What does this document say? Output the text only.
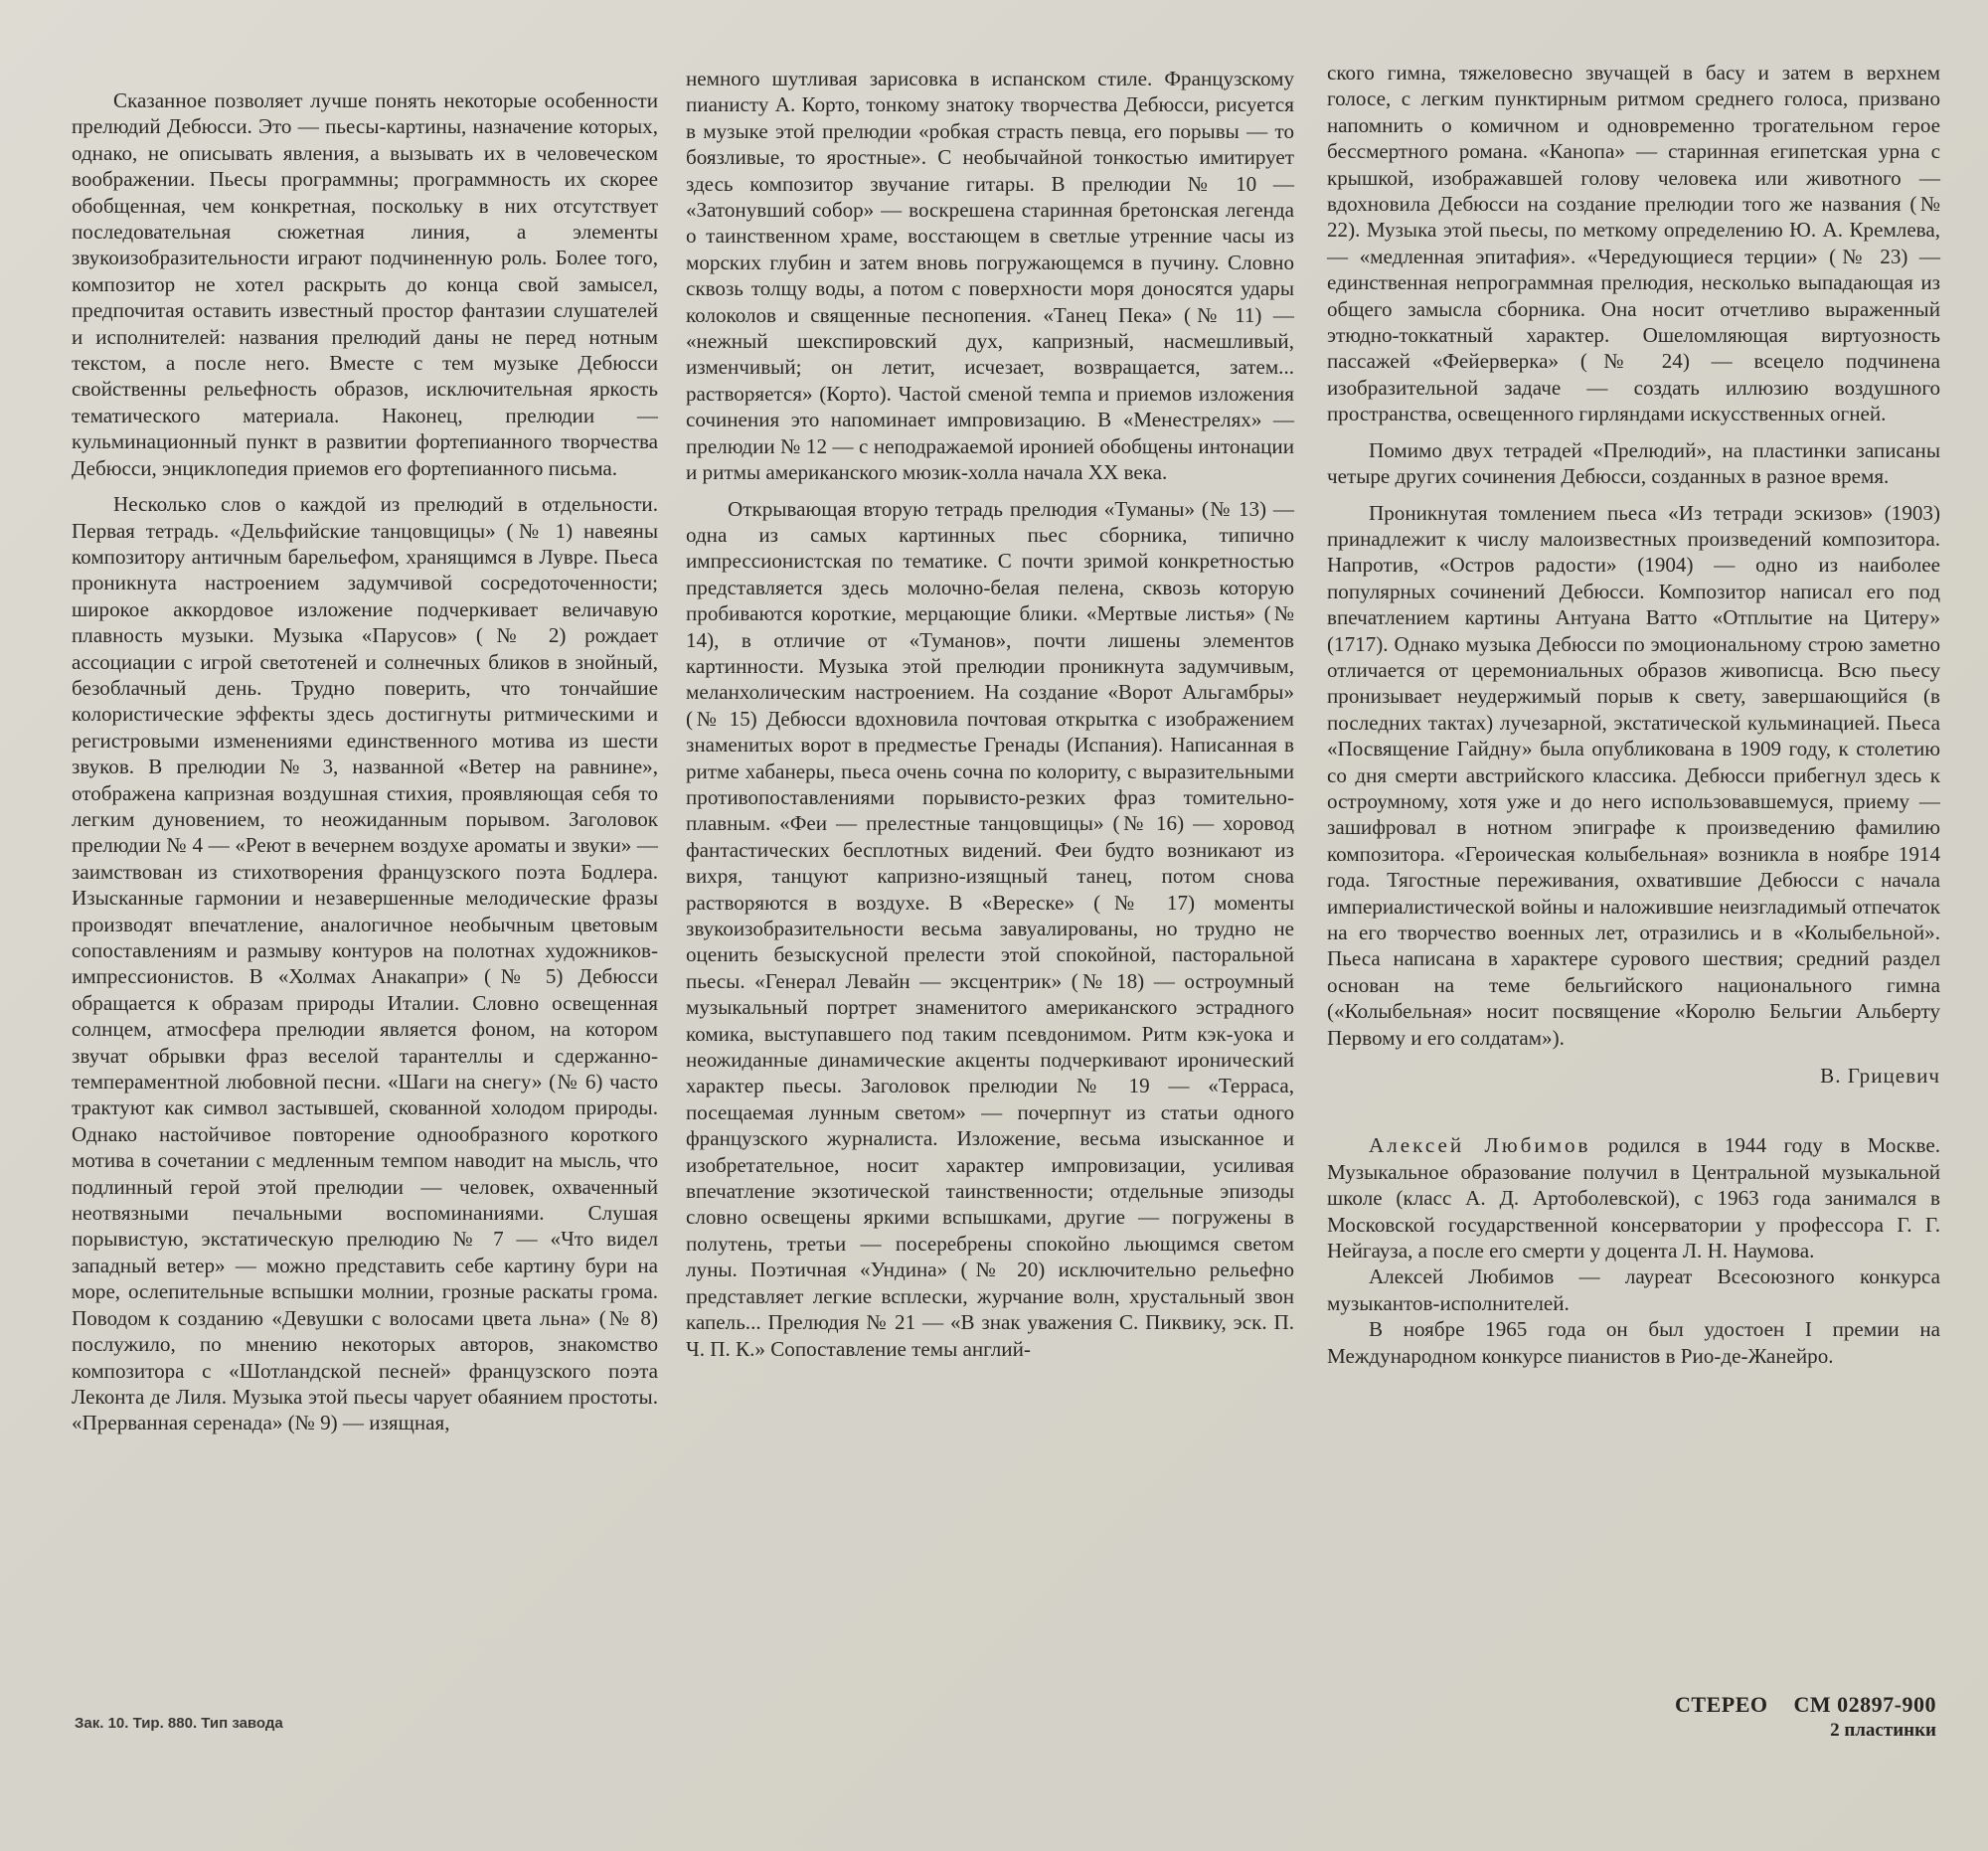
Сказанное позволяет лучше понять некоторые особенности прелюдий Дебюсси. Это — пьесы-картины, назначение которых, однако, не описывать явления, а вызывать их в человеческом воображении. Пьесы программны; программность их скорее обобщенная, чем конкретная, поскольку в них отсутствует последовательная сюжетная линия, а элементы звукоизобразительности играют подчиненную роль. Более того, композитор не хотел раскрыть до конца свой замысел, предпочитая оставить известный простор фантазии слушателей и исполнителей: названия прелюдий даны не перед нотным текстом, а после него. Вместе с тем музыке Дебюсси свойственны рельефность образов, исключительная яркость тематического материала. Наконец, прелюдии — кульминационный пункт в развитии фортепианного творчества Дебюсси, энциклопедия приемов его фортепианного письма.

Несколько слов о каждой из прелюдий в отдельности. Первая тетрадь. «Дельфийские танцовщицы» (№ 1) навеяны композитору античным барельефом, хранящимся в Лувре. Пьеса проникнута настроением задумчивой сосредоточенности; широкое аккордовое изложение подчеркивает величавую плавность музыки. Музыка «Парусов» (№ 2) рождает ассоциации с игрой светотеней и солнечных бликов в знойный, безоблачный день. Трудно поверить, что тончайшие колористические эффекты здесь достигнуты ритмическими и регистровыми изменениями единственного мотива из шести звуков. В прелюдии № 3, названной «Ветер на равнине», отображена капризная воздушная стихия, проявляющая себя то легким дуновением, то неожиданным порывом. Заголовок прелюдии № 4 — «Реют в вечернем воздухе ароматы и звуки» — заимствован из стихотворения французского поэта Бодлера. Изысканные гармонии и незавершенные мелодические фразы производят впечатление, аналогичное необычным цветовым сопоставлениям и размыву контуров на полотнах художников-импрессионистов. В «Холмах Анакапри» (№ 5) Дебюсси обращается к образам природы Италии. Словно освещенная солнцем, атмосфера прелюдии является фоном, на котором звучат обрывки фраз веселой тарантеллы и сдержанно-темпераментной любовной песни. «Шаги на снегу» (№ 6) часто трактуют как символ застывшей, скованной холодом природы. Однако настойчивое повторение однообразного короткого мотива в сочетании с медленным темпом наводит на мысль, что подлинный герой этой прелюдии — человек, охваченный неотвязными печальными воспоминаниями. Слушая порывистую, экстатическую прелюдию № 7 — «Что видел западный ветер» — можно представить себе картину бури на море, ослепительные вспышки молнии, грозные раскаты грома. Поводом к созданию «Девушки с волосами цвета льна» (№ 8) послужило, по мнению некоторых авторов, знакомство композитора с «Шотландской песней» французского поэта Леконта де Лиля. Музыка этой пьесы чарует обаянием простоты. «Прерванная серенада» (№ 9) — изящная,

немного шутливая зарисовка в испанском стиле. Французскому пианисту А. Корто, тонкому знатоку творчества Дебюсси, рисуется в музыке этой прелюдии «робкая страсть певца, его порывы — то боязливые, то яростные». С необычайной тонкостью имитирует здесь композитор звучание гитары. В прелюдии № 10 — «Затонувший собор» — воскрешена старинная бретонская легенда о таинственном храме, восстающем в светлые утренние часы из морских глубин и затем вновь погружающемся в пучину. Словно сквозь толщу воды, а потом с поверхности моря доносятся удары колоколов и священные песнопения. «Танец Пека» (№ 11) — «нежный шекспировский дух, капризный, насмешливый, изменчивый; он летит, исчезает, возвращается, затем... растворяется» (Корто). Частой сменой темпа и приемов изложения сочинения это напоминает импровизацию. В «Менестрелях» — прелюдии № 12 — с неподражаемой иронией обобщены интонации и ритмы американского мюзик-холла начала XX века.

Открывающая вторую тетрадь прелюдия «Туманы» (№ 13) — одна из самых картинных пьес сборника, типично импрессионистская по тематике. С почти зримой конкретностью представляется здесь молочно-белая пелена, сквозь которую пробиваются короткие, мерцающие блики. «Мертвые листья» (№ 14), в отличие от «Туманов», почти лишены элементов картинности. Музыка этой прелюдии проникнута задумчивым, меланхолическим настроением. На создание «Ворот Альгамбры» (№ 15) Дебюсси вдохновила почтовая открытка с изображением знаменитых ворот в предместье Гренады (Испания). Написанная в ритме хабанеры, пьеса очень сочна по колориту, с выразительными противопоставлениями порывисто-резких фраз томительно-плавным. «Феи — прелестные танцовщицы» (№ 16) — хоровод фантастических бесплотных видений. Феи будто возникают из вихря, танцуют капризно-изящный танец, потом снова растворяются в воздухе. В «Вереске» (№ 17) моменты звукоизобразительности весьма завуалированы, но трудно не оценить безыскусной прелести этой спокойной, пасторальной пьесы. «Генерал Левайн — эксцентрик» (№ 18) — остроумный музыкальный портрет знаменитого американского эстрадного комика, выступавшего под таким псевдонимом. Ритм кэк-уока и неожиданные динамические акценты подчеркивают иронический характер пьесы. Заголовок прелюдии № 19 — «Терраса, посещаемая лунным светом» — почерпнут из статьи одного французского журналиста. Изложение, весьма изысканное и изобретательное, носит характер импровизации, усиливая впечатление экзотической таинственности; отдельные эпизоды словно освещены яркими вспышками, другие — погружены в полутень, третьи — посеребрены спокойно льющимся светом луны. Поэтичная «Ундина» (№ 20) исключительно рельефно представляет легкие всплески, журчание волн, хрустальный звон капель... Прелюдия № 21 — «В знак уважения С. Пиквику, эск. П. Ч. П. К.» Сопоставление темы англий-

ского гимна, тяжеловесно звучащей в басу и затем в верхнем голосе, с легким пунктирным ритмом среднего голоса, призвано напомнить о комичном и одновременно трогательном герое бессмертного романа. «Канопа» — старинная египетская урна с крышкой, изображавшей голову человека или животного — вдохновила Дебюсси на создание прелюдии того же названия (№ 22). Музыка этой пьесы, по меткому определению Ю. А. Кремлева, — «медленная эпитафия». «Чередующиеся терции» (№ 23) — единственная непрограммная прелюдия, несколько выпадающая из общего замысла сборника. Она носит отчетливо выраженный этюдно-токкатный характер. Ошеломляющая виртуозность пассажей «Фейерверка» (№ 24) — всецело подчинена изобразительной задаче — создать иллюзию воздушного пространства, освещенного гирляндами искусственных огней.

Помимо двух тетрадей «Прелюдий», на пластинки записаны четыре других сочинения Дебюсси, созданных в разное время.

Проникнутая томлением пьеса «Из тетради эскизов» (1903) принадлежит к числу малоизвестных произведений композитора. Напротив, «Остров радости» (1904) — одно из наиболее популярных сочинений Дебюсси. Композитор написал его под впечатлением картины Антуана Ватто «Отплытие на Цитеру» (1717). Однако музыка Дебюсси по эмоциональному строю заметно отличается от церемониальных образов живописца. Всю пьесу пронизывает неудержимый порыв к свету, завершающийся (в последних тактах) лучезарной, экстатической кульминацией. Пьеса «Посвящение Гайдну» была опубликована в 1909 году, к столетию со дня смерти австрийского классика. Дебюсси прибегнул здесь к остроумному, хотя уже и до него использовавшемуся, приему — зашифровал в нотном эпиграфе к произведению фамилию композитора. «Героическая колыбельная» возникла в ноябре 1914 года. Тягостные переживания, охватившие Дебюсси с начала империалистической войны и наложившие неизгладимый отпечаток на его творчество военных лет, отразились и в «Колыбельной». Пьеса написана в характере сурового шествия; средний раздел основан на теме бельгийского национального гимна («Колыбельная» носит посвящение «Королю Бельгии Альберту Первому и его солдатам»).

В. Грицевич

Алексей Любимов родился в 1944 году в Москве. Музыкальное образование получил в Центральной музыкальной школе (класс А. Д. Артоболевской), с 1963 года занимался в Московской государственной консерватории у профессора Г. Г. Нейгауза, а после его смерти у доцента Л. Н. Наумова.

Алексей Любимов — лауреат Всесоюзного конкурса музыкантов-исполнителей.

В ноябре 1965 года он был удостоен I премии на Международном конкурсе пианистов в Рио-де-Жанейро.

Зак. 10. Тир. 880. Тип завода
СТЕРЕО СМ 02897-900
2 пластинки
